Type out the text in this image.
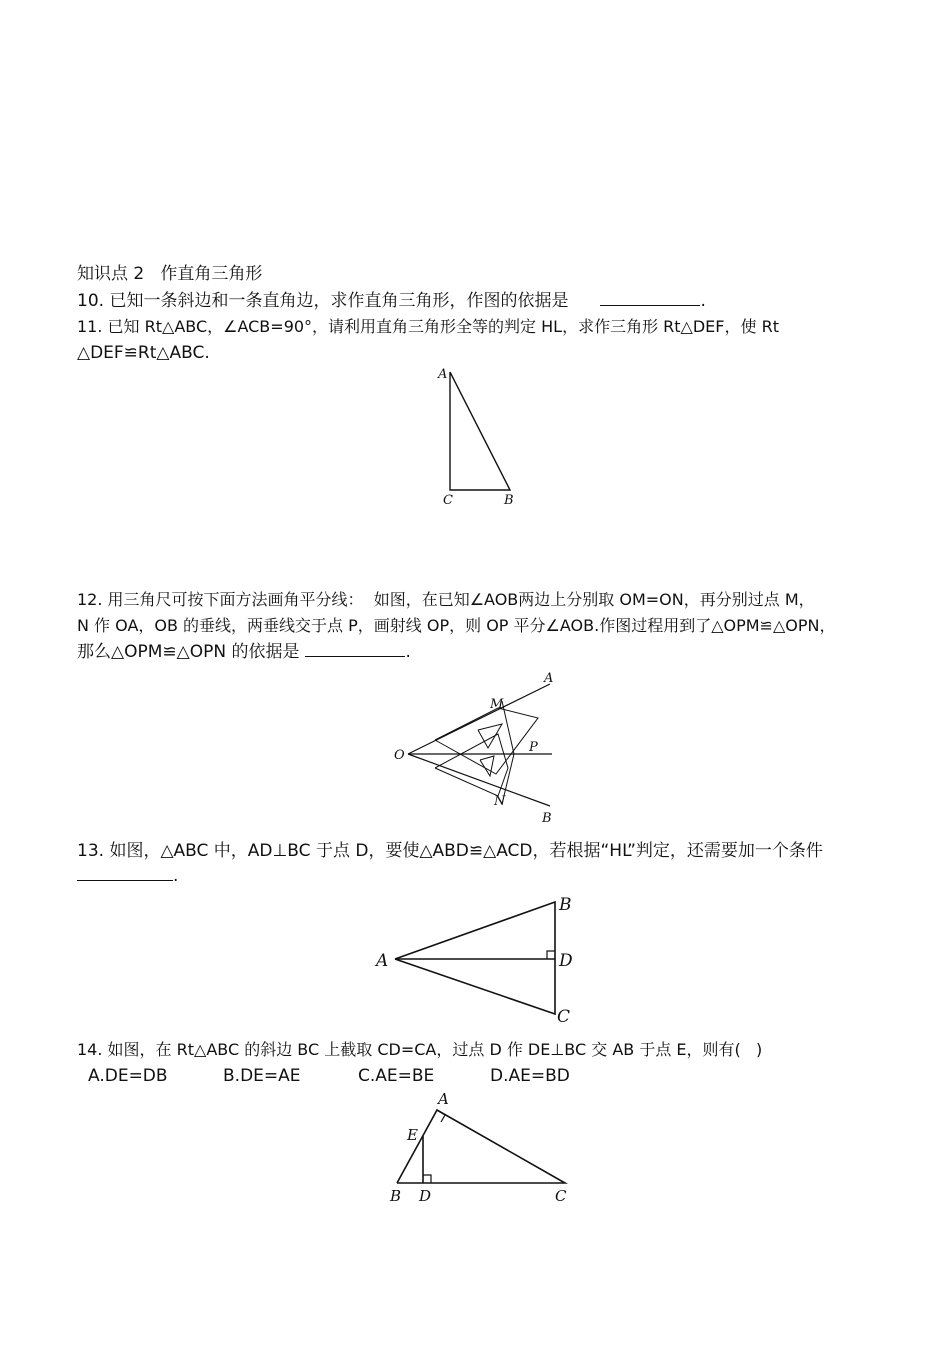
知识点 2   作直角三角形
10. 已知一条斜边和一条直角边，求作直角三角形，作图的依据是	.
11. 已知 Rt△ABC，∠ACB=90°，请利用直角三角形全等的判定 HL，求作三角形 Rt△DEF，使 Rt
△DEF≌Rt△ABC.
A
C	B
12. 用三角尺可按下面方法画角平分线：  如图，在已知∠AOB两边上分别取 OM=ON，再分别过点 M，
N 作 OA，OB 的垂线，两垂线交于点 P，画射线 OP，则 OP 平分∠AOB.作图过程用到了△OPM≌△OPN，
那么△OPM≌△OPN 的依据是	.
O
A
B
M
N
P
13. 如图，△ABC 中，AD⊥BC 于点 D，要使△ABD≌△ACD，若根据“HL”判定，还需要加一个条件
.
A
B
D
C
14. 如图，在 Rt△ABC 的斜边 BC 上截取 CD=CA，过点 D 作 DE⊥BC 交 AB 于点 E，则有(   )
A.DE=DB	B.DE=AE	C.AE=BE	D.AE=BD
A
E
B D	C
